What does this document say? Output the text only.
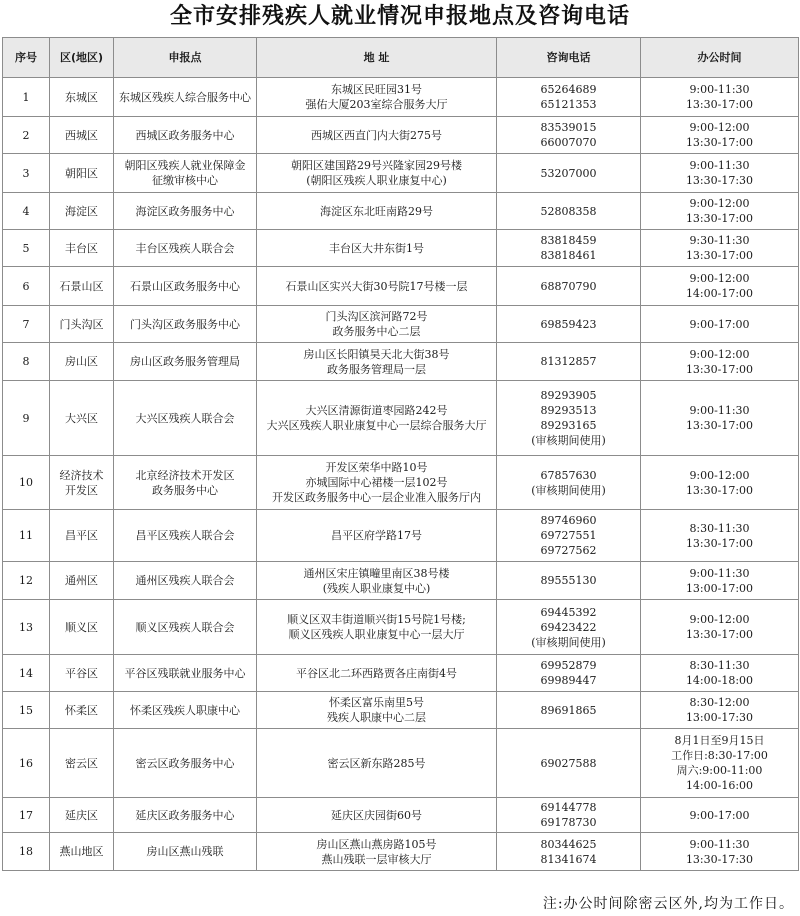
全市安排残疾人就业情况申报地点及咨询电话
序号	区(地区)	申报点	地 址	咨询电话	办公时间
1	东城区	东城区残疾人综合服务中心	东城区民旺园31号
强佑大厦203室综合服务大厅	65264689
65121353	9:00-11:30
13:30-17:00

2	西城区	西城区政务服务中心	西城区西直门内大街275号	83539015
66007070	9:00-12:00
13:30-17:00

3	朝阳区	朝阳区残疾人就业保障金
征缴审核中心	朝阳区建国路29号兴隆家园29号楼
(朝阳区残疾人职业康复中心)	53207000	9:00-11:30
13:30-17:30

4	海淀区	海淀区政务服务中心	海淀区东北旺南路29号	52808358	9:00-12:00
13:30-17:00

5	丰台区	丰台区残疾人联合会	丰台区大井东街1号	83818459
83818461	9:30-11:30
13:30-17:00

6	石景山区	石景山区政务服务中心	石景山区实兴大街30号院17号楼一层	68870790	9:00-12:00
14:00-17:00

7	门头沟区	门头沟区政务服务中心	门头沟区滨河路72号
政务服务中心二层	69859423	9:00-17:00

8	房山区	房山区政务服务管理局	房山区长阳镇昊天北大街38号
政务服务管理局一层	81312857	9:00-12:00
13:30-17:00

9	大兴区	大兴区残疾人联合会	大兴区清源街道枣园路242号
大兴区残疾人职业康复中心一层综合服务大厅	89293905
89293513
89293165
(审核期间使用)	9:00-11:30
13:30-17:00

10	经济技术
开发区	北京经济技术开发区
政务服务中心	开发区荣华中路10号
亦城国际中心裙楼一层102号
开发区政务服务中心一层企业准入服务厅内	67857630
(审核期间使用)	9:00-12:00
13:30-17:00

11	昌平区	昌平区残疾人联合会	昌平区府学路17号	89746960
69727551
69727562	8:30-11:30
13:30-17:00

12	通州区	通州区残疾人联合会	通州区宋庄镇疃里南区38号楼
(残疾人职业康复中心)	89555130	9:00-11:30
13:00-17:00

13	顺义区	顺义区残疾人联合会	顺义区双丰街道顺兴街15号院1号楼;
顺义区残疾人职业康复中心一层大厅	69445392
69423422
(审核期间使用)	9:00-12:00
13:30-17:00

14	平谷区	平谷区残联就业服务中心	平谷区北二环西路贾各庄南街4号	69952879
69989447	8:30-11:30
14:00-18:00

15	怀柔区	怀柔区残疾人职康中心	怀柔区富乐南里5号
残疾人职康中心二层	89691865	8:30-12:00
13:00-17:30

16	密云区	密云区政务服务中心	密云区新东路285号	69027588	8月1日至9月15日
工作日:8:30-17:00
周六:9:00-11:00
14:00-16:00

17	延庆区	延庆区政务服务中心	延庆区庆园街60号	69144778
69178730	9:00-17:00

18	燕山地区	房山区燕山残联	房山区燕山燕房路105号
燕山残联一层审核大厅	80344625
81341674	9:00-11:30
13:30-17:30
注:办公时间除密云区外,均为工作日。
